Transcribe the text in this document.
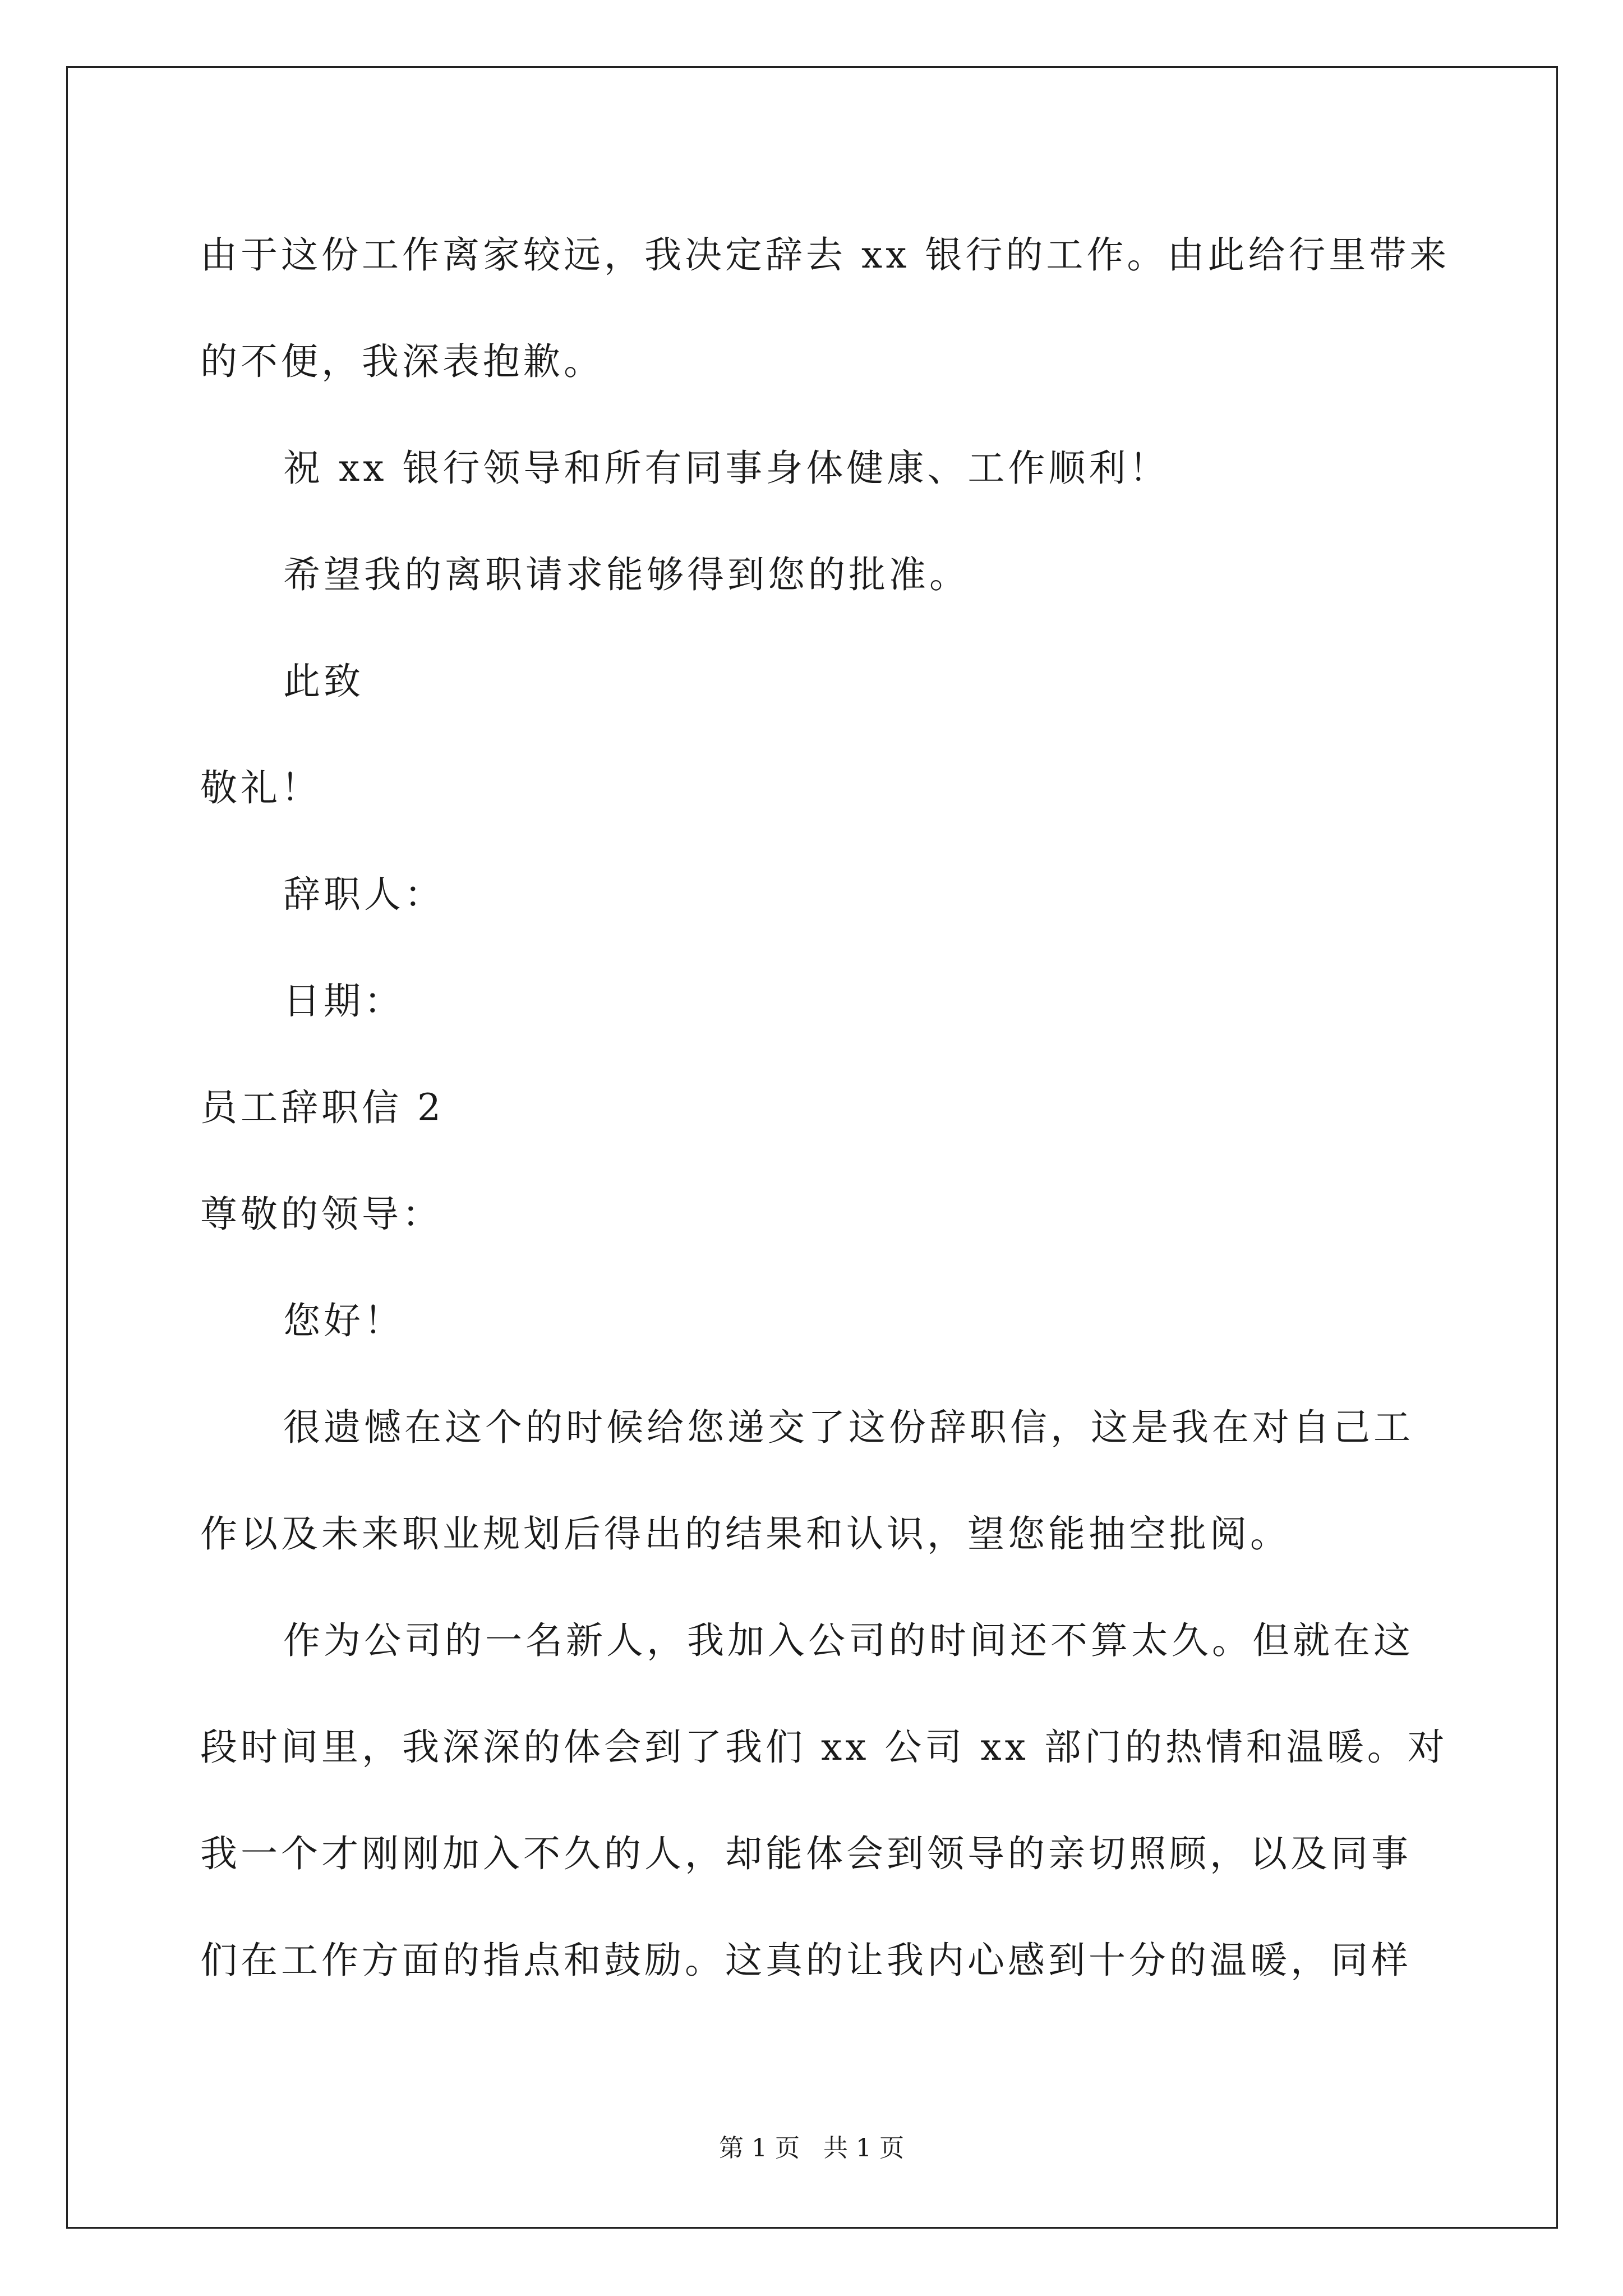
由于这份工作离家较远，我决定辞去 xx 银行的工作。由此给行里带来
的不便，我深表抱歉。
祝 xx 银行领导和所有同事身体健康、工作顺利！
希望我的离职请求能够得到您的批准。
此致
敬礼！
辞职人：
日期：
员工辞职信 2
尊敬的领导：
您好！
很遗憾在这个的时候给您递交了这份辞职信，这是我在对自己工
作以及未来职业规划后得出的结果和认识，望您能抽空批阅。
作为公司的一名新人，我加入公司的时间还不算太久。但就在这
段时间里，我深深的体会到了我们 xx 公司 xx 部门的热情和温暖。对
我一个才刚刚加入不久的人，却能体会到领导的亲切照顾，以及同事
们在工作方面的指点和鼓励。这真的让我内心感到十分的温暖，同样
第 1 页 共 1 页
